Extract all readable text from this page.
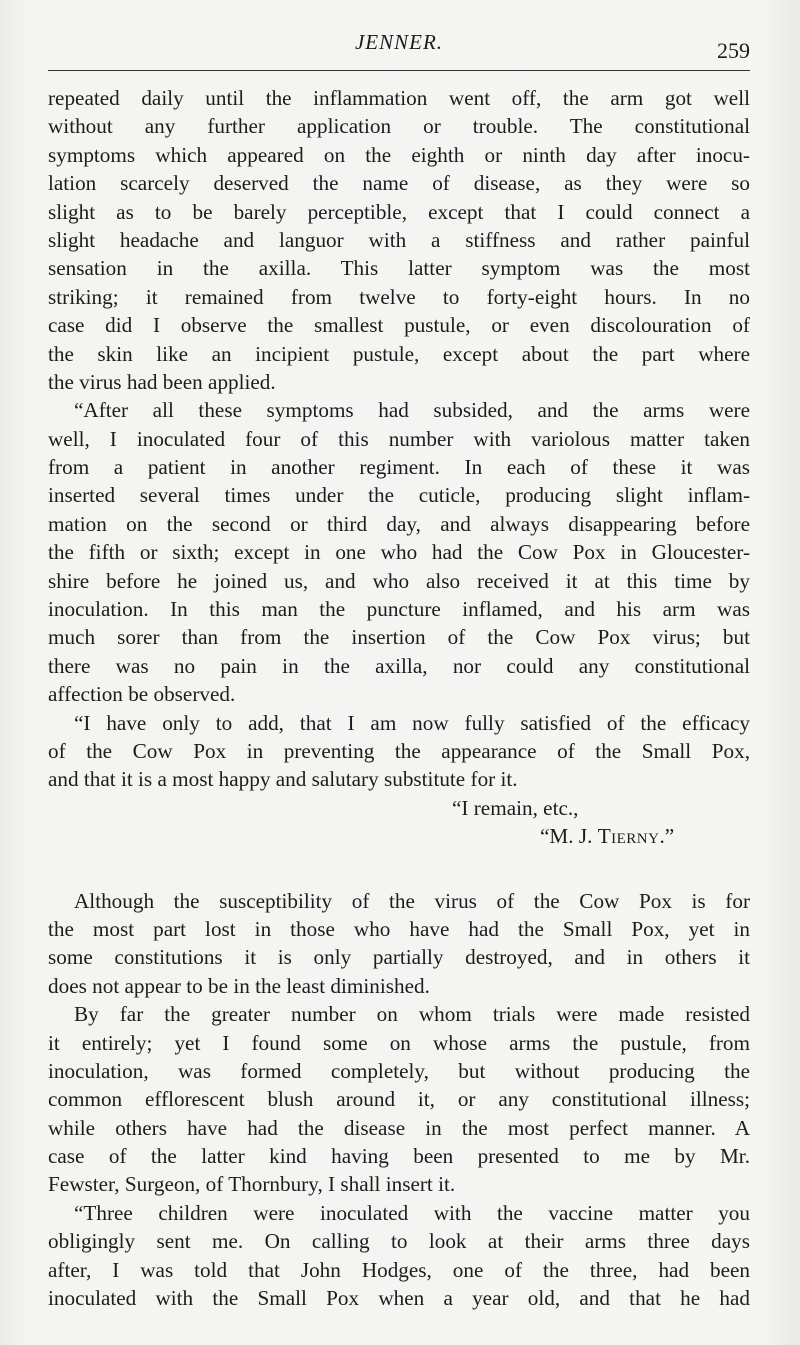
JENNER.	259
repeated daily until the inflammation went off, the arm got well
without any further application or trouble. The constitutional
symptoms which appeared on the eighth or ninth day after inocu-
lation scarcely deserved the name of disease, as they were so
slight as to be barely perceptible, except that I could connect a
slight headache and languor with a stiffness and rather painful
sensation in the axilla. This latter symptom was the most
striking; it remained from twelve to forty-eight hours. In no
case did I observe the smallest pustule, or even discolouration of
the skin like an incipient pustule, except about the part where
the virus had been applied.
“After all these symptoms had subsided, and the arms were
well, I inoculated four of this number with variolous matter taken
from a patient in another regiment. In each of these it was
inserted several times under the cuticle, producing slight inflam-
mation on the second or third day, and always disappearing before
the fifth or sixth; except in one who had the Cow Pox in Gloucester-
shire before he joined us, and who also received it at this time by
inoculation. In this man the puncture inflamed, and his arm was
much sorer than from the insertion of the Cow Pox virus; but
there was no pain in the axilla, nor could any constitutional
affection be observed.
“I have only to add, that I am now fully satisfied of the efficacy
of the Cow Pox in preventing the appearance of the Small Pox,
and that it is a most happy and salutary substitute for it.
“I remain, etc.,
“M. J. Tierny.”
Although the susceptibility of the virus of the Cow Pox is for
the most part lost in those who have had the Small Pox, yet in
some constitutions it is only partially destroyed, and in others it
does not appear to be in the least diminished.
By far the greater number on whom trials were made resisted
it entirely; yet I found some on whose arms the pustule, from
inoculation, was formed completely, but without producing the
common efflorescent blush around it, or any constitutional illness;
while others have had the disease in the most perfect manner. A
case of the latter kind having been presented to me by Mr.
Fewster, Surgeon, of Thornbury, I shall insert it.
“Three children were inoculated with the vaccine matter you
obligingly sent me. On calling to look at their arms three days
after, I was told that John Hodges, one of the three, had been
inoculated with the Small Pox when a year old, and that he had
